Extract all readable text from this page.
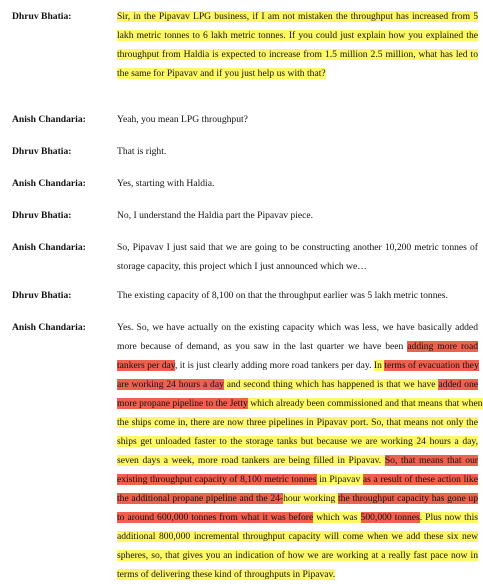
Dhruv Bhatia:	Sir, in the Pipavav LPG business, if I am not mistaken the throughput has increased from 5
lakh metric tonnes to 6 lakh metric tonnes. If you could just explain how you explained the
throughput from Haldia is expected to increase from 1.5 million 2.5 million, what has led to
the same for Pipavav and if you just help us with that?
Anish Chandaria:	Yeah, you mean LPG throughput?
Dhruv Bhatia:	That is right.
Anish Chandaria:	Yes, starting with Haldia.
Dhruv Bhatia:	No, I understand the Haldia part the Pipavav piece.
Anish Chandaria:	So, Pipavav I just said that we are going to be constructing another 10,200 metric tonnes of
storage capacity, this project which I just announced which we…
Dhruv Bhatia:	The existing capacity of 8,100 on that the throughput earlier was 5 lakh metric tonnes.
Anish Chandaria:	Yes. So, we have actually on the existing capacity which was less, we have basically added
more because of demand, as you saw in the last quarter we have been adding more road
tankers per day, it is just clearly adding more road tankers per day. In terms of evacuation they
are working 24 hours a day and second thing which has happened is that we have added one
more propane pipeline to the Jetty which already been commissioned and that means that when
the ships come in, there are now three pipelines in Pipavav port. So, that means not only the
ships get unloaded faster to the storage tanks but because we are working 24 hours a day,
seven days a week, more road tankers are being filled in Pipavav. So, that means that our
existing throughput capacity of 8,100 metric tonnes in Pipavav as a result of these action like
the additional propane pipeline and the 24-hour working the throughput capacity has gone up
to around 600,000 tonnes from what it was before which was 500,000 tonnes. Plus now this
additional 800,000 incremental throughput capacity will come when we add these six new
spheres, so, that gives you an indication of how we are working at a really fast pace now in
terms of delivering these kind of throughputs in Pipavav.
